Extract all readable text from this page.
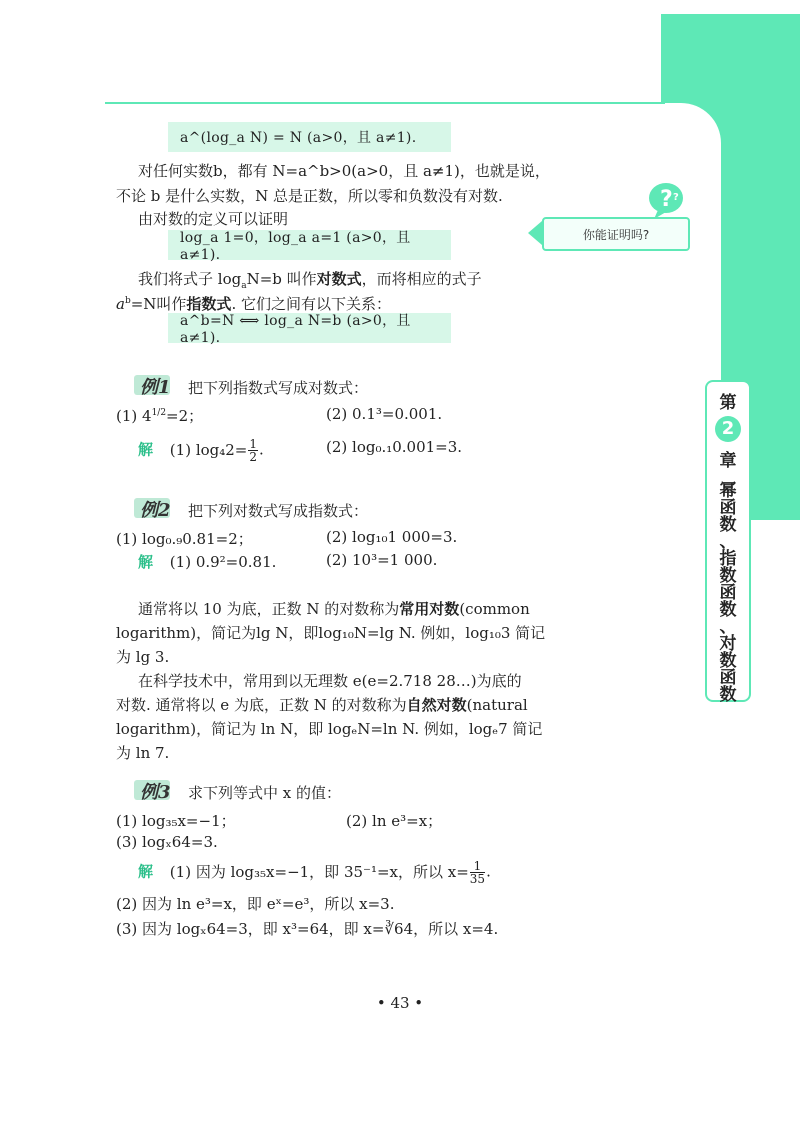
a^(log_a N) = N (a>0，且 a≠1).
对任何实数b，都有 N=a^b>0(a>0，且 a≠1)，也就是说，
不论 b 是什么实数，N 总是正数，所以零和负数没有对数.
由对数的定义可以证明
log_a 1=0，log_a a=1 (a>0，且 a≠1).
你能证明吗?
? ?
我们将式子 $\log_aN=b$ 叫作对数式，而将相应的式子
$a^b=N$叫作指数式. 它们之间有以下关系：
a^b=N ⟺ log_a N=b (a>0，且 a≠1).
例1 把下列指数式写成对数式：
(1) $4^{1/2}=2$；	(2) 0.1³=0.001.
解 (1) $\log_42= \frac{1}{2}$ .	(2) log₀.₁0.001=3.
例2 把下列对数式写成指数式：
(1) log₀.₉0.81=2；	(2) log₁₀1 000=3.
解 (1) 0.9²=0.81.	(2) 10³=1 000.
通常将以 10 为底，正数 N 的对数称为常用对数(common
logarithm)，简记为lg N，即log₁₀N=lg N. 例如，log₁₀3 简记
为 lg 3.
在科学技术中，常用到以无理数 e(e=2.718 28…)为底的
对数. 通常将以 e 为底，正数 N 的对数称为自然对数(natural
logarithm)，简记为 ln N，即 logₑN=ln N. 例如，logₑ7 简记
为 ln 7.
例3 求下列等式中 x 的值：
(1) log₃₅x=−1；	(2) ln e³=x；
(3) logₓ64=3.
解 (1) 因为 log₃₅x=−1，即 35⁻¹=x，所以 $x= \frac{1}{35}$ .
(2) 因为 ln e³=x，即 eˣ=e³，所以 x=3.
(3) 因为 logₓ64=3，即 x³=64，即 x=∛64，所以 x=4.
第
2
章
幂
函
数
、
指
数
函
数
、
对
数
函
数
• 43 •
